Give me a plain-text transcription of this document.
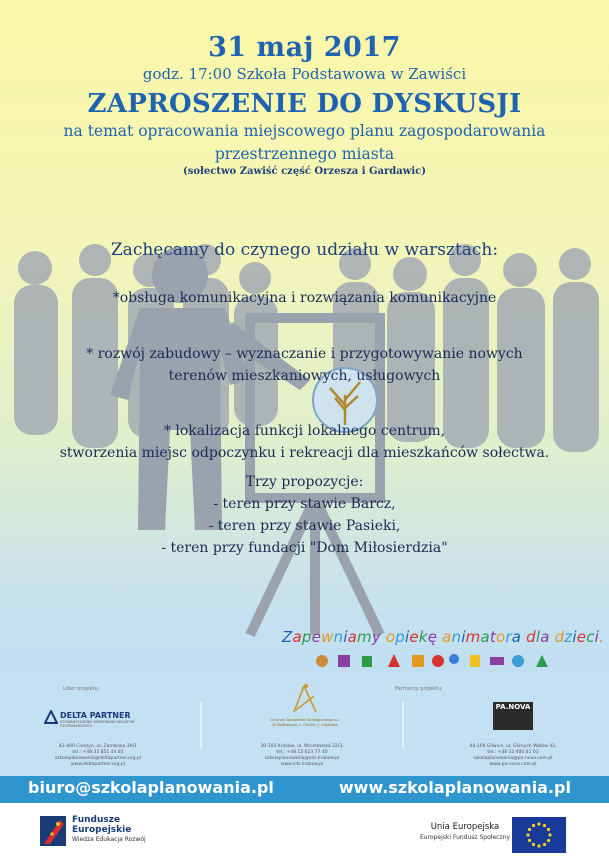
31 maj 2017
godz. 17:00 Szkoła Podstawowa w Zawiści
ZAPROSZENIE DO DYSKUSJI
na temat opracowania miejscowego planu zagospodarowania
przestrzennego miasta
(sołectwo Zawiść część Orzesza i Gardawic)
Zachęcamy do czynego udziału w warsztach:
*obsługa komunikacyjna i rozwiązania komunikacyjne
* rozwój zabudowy – wyznaczanie i przygotowywanie nowych
terenów mieszkaniowych, usługowych
* lokalizacja funkcji lokalnego centrum,
stworzenia miejsc odpoczynku i rekreacji dla mieszkańców sołectwa.
Trzy propozycje:
- teren przy stawie Barcz,
- teren przy stawie Pasieki,
- teren przy fundacji "Dom Miłosierdzia"
Zapewniamy opiekę animatora dla dzieci.
Lider projektu:	Partnerzy projektu:
DELTA PARTNER
STOWARZYSZENIE WSPIERANIA INICJATYW GOSPODARCZYCH
43-400 Cieszyn, ul. Zamkowa 3A/1
tel.: +48 33 851 44 81
szkolaplanowania@deltapartner.org.pl
www.deltapartner.org.pl
Centrum Doradztwa Strategicznego s.c.
D. Bodkowska, L. Chmiel, J. Urbańska
30-103 Kraków, ul. Wrocławska 22/3,
tel.: +48 12 623 77 40
szkolaplanowania@cds.krakow.pl
www.cds.krakow.pl
PA.NOVA
44-100 Gliwice, ul. Górnych Wałów 42,
tel.: +48 32 400 41 03
szkolaplanowania@pa-nova.com.pl
www.pa-nova.com.pl
biuro@szkolaplanowania.pl	www.szkolaplanowania.pl
Fundusze
Europejskie
Wiedza Edukacja Rozwój
Unia Europejska
Europejski Fundusz Społeczny
